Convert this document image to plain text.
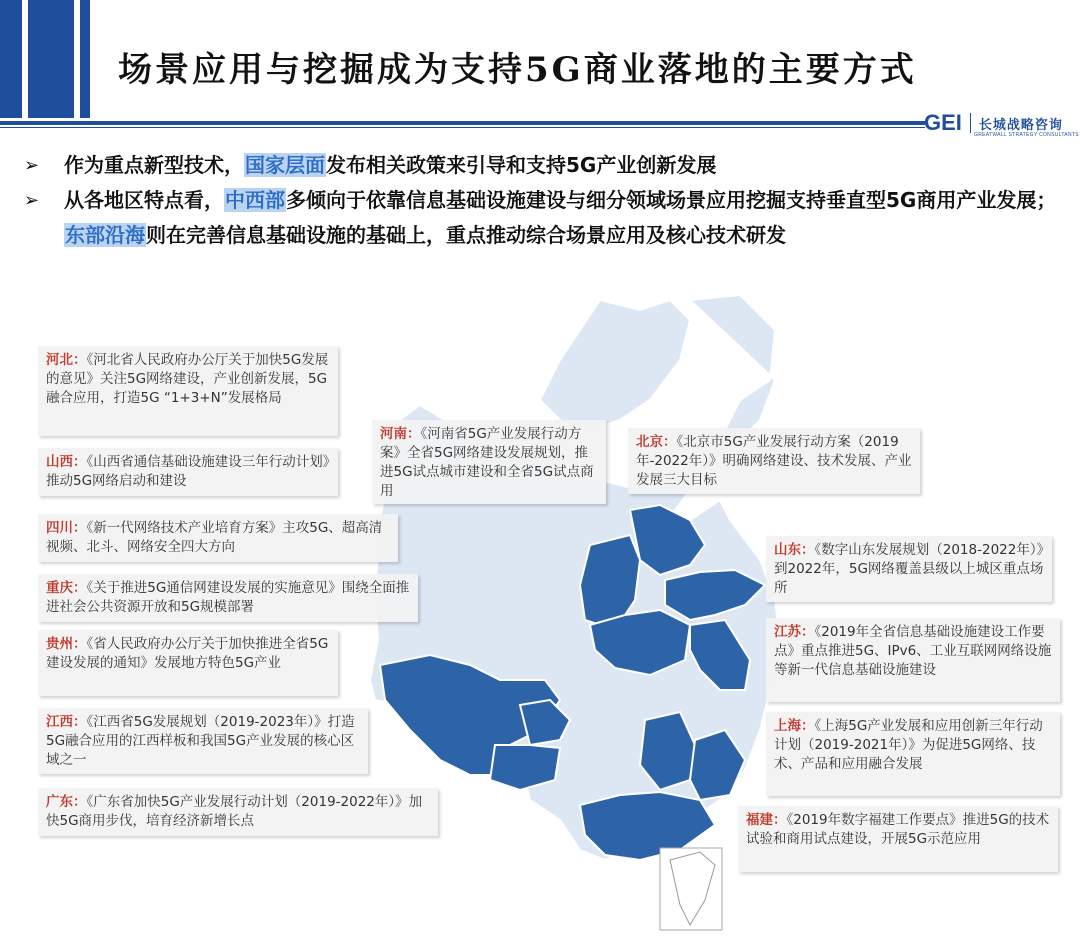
场景应用与挖掘成为支持5G商业落地的主要方式
GEI 长城战略咨询
GREATWALL STRATEGY CONSULTANTS
➢	作为重点新型技术，国家层面发布相关政策来引导和支持5G产业创新发展
➢	从各地区特点看，中西部多倾向于依靠信息基础设施建设与细分领域场景应用挖掘支持垂直型5G商用产业发展；东部沿海则在完善信息基础设施的基础上，重点推动综合场景应用及核心技术研发
河北：《河北省人民政府办公厅关于加快5G发展的意见》关注5G网络建设，产业创新发展，5G融合应用，打造5G “1+3+N”发展格局
山西：《山西省通信基础设施建设三年行动计划》推动5G网络启动和建设
四川：《新一代网络技术产业培育方案》主攻5G、超高清视频、北斗、网络安全四大方向
重庆：《关于推进5G通信网建设发展的实施意见》围绕全面推进社会公共资源开放和5G规模部署
贵州：《省人民政府办公厅关于加快推进全省5G建设发展的通知》发展地方特色5G产业
江西：《江西省5G发展规划（2019-2023年）》打造5G融合应用的江西样板和我国5G产业发展的核心区域之一
广东：《广东省加快5G产业发展行动计划（2019-2022年）》加快5G商用步伐，培育经济新增长点
河南：《河南省5G产业发展行动方案》全省5G网络建设发展规划，推进5G试点城市建设和全省5G试点商用
北京：《北京市5G产业发展行动方案（2019年-2022年）》明确网络建设、技术发展、产业发展三大目标
山东：《数字山东发展规划（2018-2022年）》到2022年，5G网络覆盖县级以上城区重点场所
江苏：《2019年全省信息基础设施建设工作要点》重点推进5G、IPv6、工业互联网网络设施等新一代信息基础设施建设
上海：《上海5G产业发展和应用创新三年行动计划（2019-2021年）》为促进5G网络、技术、产品和应用融合发展
福建：《2019年数字福建工作要点》推进5G的技术试验和商用试点建设，开展5G示范应用
